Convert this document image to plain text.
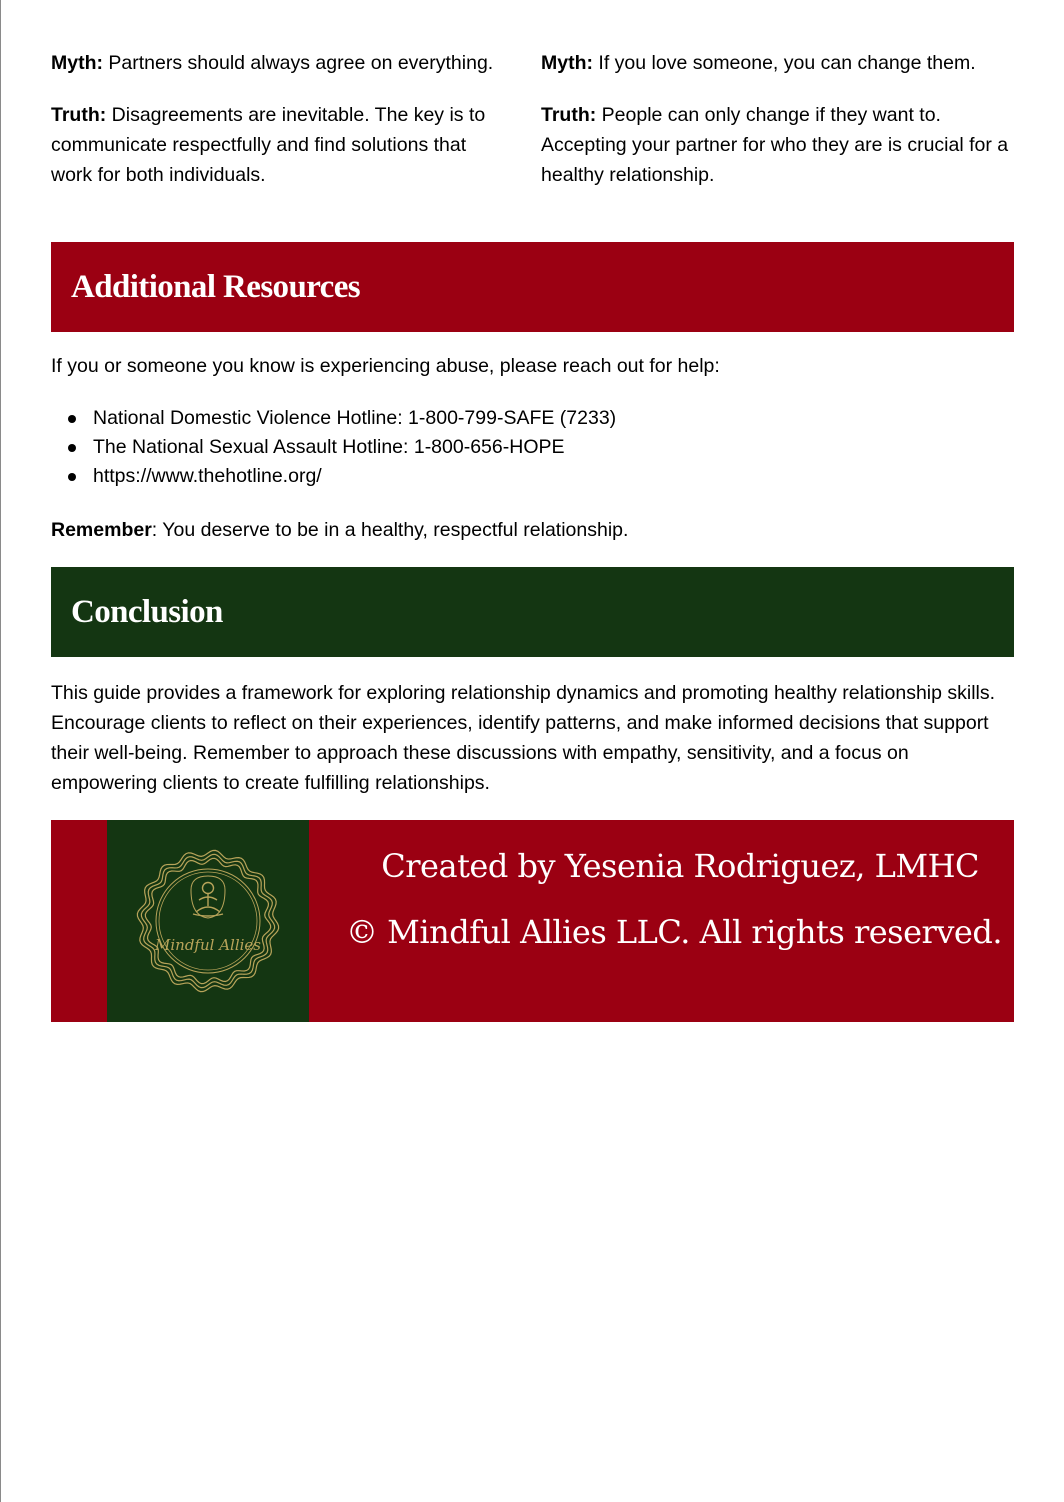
Myth: Partners should always agree on everything.

Truth: Disagreements are inevitable. The key is to communicate respectfully and find solutions that work for both individuals.

Myth: If you love someone, you can change them.

Truth: People can only change if they want to. Accepting your partner for who they are is crucial for a healthy relationship.

Additional Resources

If you or someone you know is experiencing abuse, please reach out for help:

National Domestic Violence Hotline: 1-800-799-SAFE (7233)
The National Sexual Assault Hotline: 1-800-656-HOPE
https://www.thehotline.org/

Remember: You deserve to be in a healthy, respectful relationship.

Conclusion

This guide provides a framework for exploring relationship dynamics and promoting healthy relationship skills. Encourage clients to reflect on their experiences, identify patterns, and make informed decisions that support their well-being. Remember to approach these discussions with empathy, sensitivity, and a focus on empowering clients to create fulfilling relationships.

Mindful Allies

Created by Yesenia Rodriguez, LMHC

© Mindful Allies LLC. All rights reserved.
